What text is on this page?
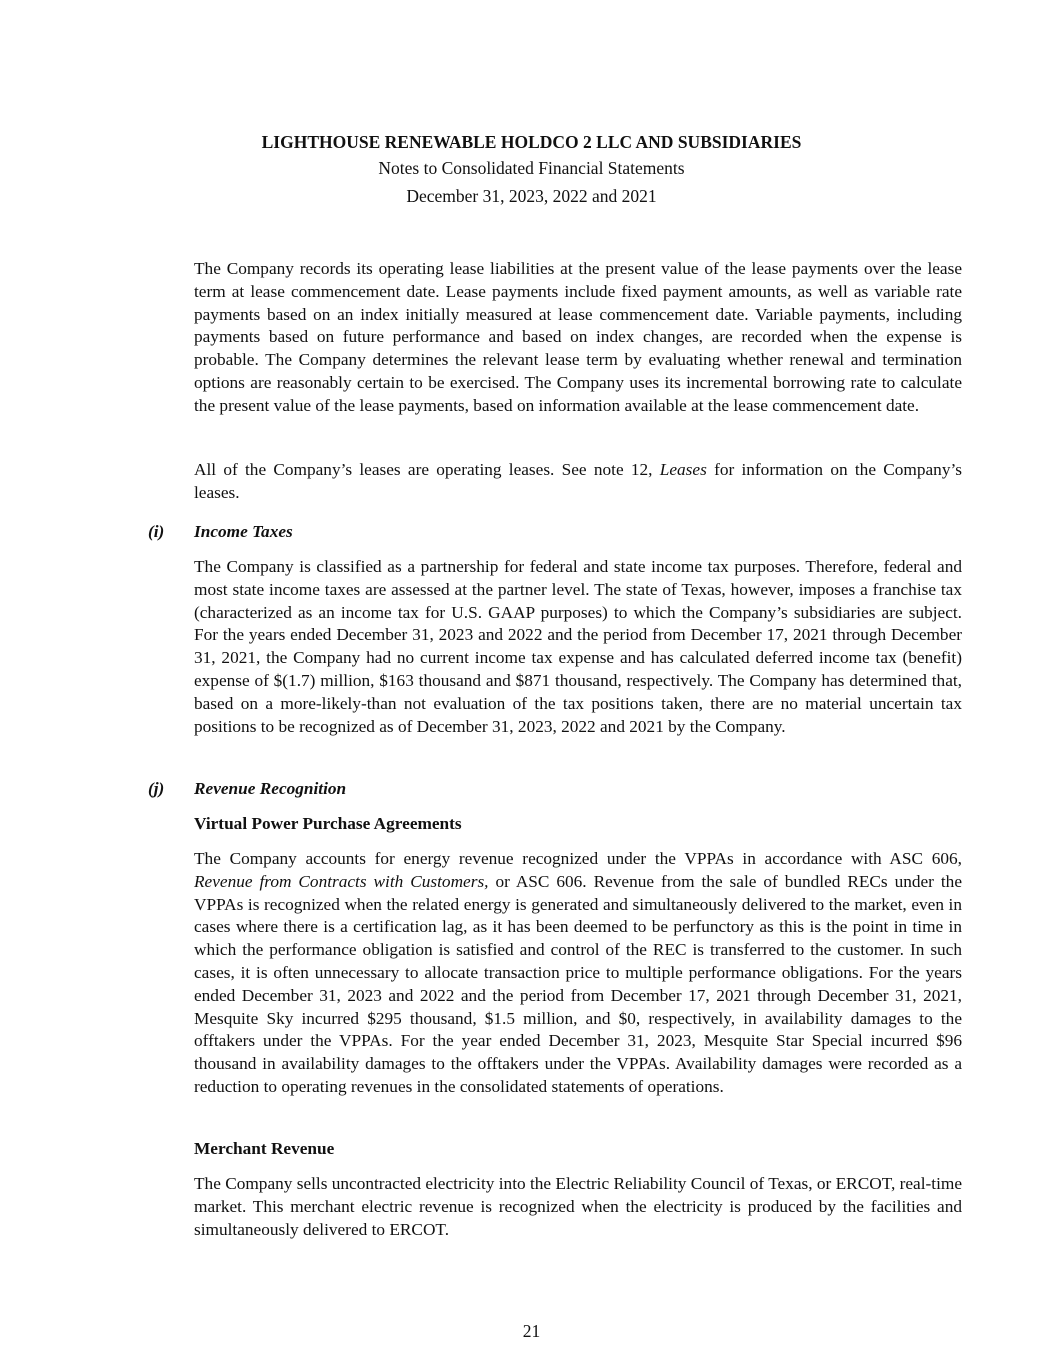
LIGHTHOUSE RENEWABLE HOLDCO 2 LLC AND SUBSIDIARIES
Notes to Consolidated Financial Statements
December 31, 2023, 2022 and 2021

The Company records its operating lease liabilities at the present value of the lease payments over the lease term at lease commencement date. Lease payments include fixed payment amounts, as well as variable rate payments based on an index initially measured at lease commencement date. Variable payments, including payments based on future performance and based on index changes, are recorded when the expense is probable. The Company determines the relevant lease term by evaluating whether renewal and termination options are reasonably certain to be exercised. The Company uses its incremental borrowing rate to calculate the present value of the lease payments, based on information available at the lease commencement date.

All of the Company’s leases are operating leases. See note 12, Leases for information on the Company’s leases.

(i) Income Taxes

The Company is classified as a partnership for federal and state income tax purposes. Therefore, federal and most state income taxes are assessed at the partner level. The state of Texas, however, imposes a franchise tax (characterized as an income tax for U.S. GAAP purposes) to which the Company’s subsidiaries are subject. For the years ended December 31, 2023 and 2022 and the period from December 17, 2021 through December 31, 2021, the Company had no current income tax expense and has calculated deferred income tax (benefit) expense of $(1.7) million, $163 thousand and $871 thousand, respectively. The Company has determined that, based on a more-likely-than not evaluation of the tax positions taken, there are no material uncertain tax positions to be recognized as of December 31, 2023, 2022 and 2021 by the Company.

(j) Revenue Recognition
Virtual Power Purchase Agreements

The Company accounts for energy revenue recognized under the VPPAs in accordance with ASC 606, Revenue from Contracts with Customers, or ASC 606. Revenue from the sale of bundled RECs under the VPPAs is recognized when the related energy is generated and simultaneously delivered to the market, even in cases where there is a certification lag, as it has been deemed to be perfunctory as this is the point in time in which the performance obligation is satisfied and control of the REC is transferred to the customer. In such cases, it is often unnecessary to allocate transaction price to multiple performance obligations. For the years ended December 31, 2023 and 2022 and the period from December 17, 2021 through December 31, 2021, Mesquite Sky incurred $295 thousand, $1.5 million, and $0, respectively, in availability damages to the offtakers under the VPPAs. For the year ended December 31, 2023, Mesquite Star Special incurred $96 thousand in availability damages to the offtakers under the VPPAs. Availability damages were recorded as a reduction to operating revenues in the consolidated statements of operations.

Merchant Revenue

The Company sells uncontracted electricity into the Electric Reliability Council of Texas, or ERCOT, real-time market. This merchant electric revenue is recognized when the electricity is produced by the facilities and simultaneously delivered to ERCOT.

21
